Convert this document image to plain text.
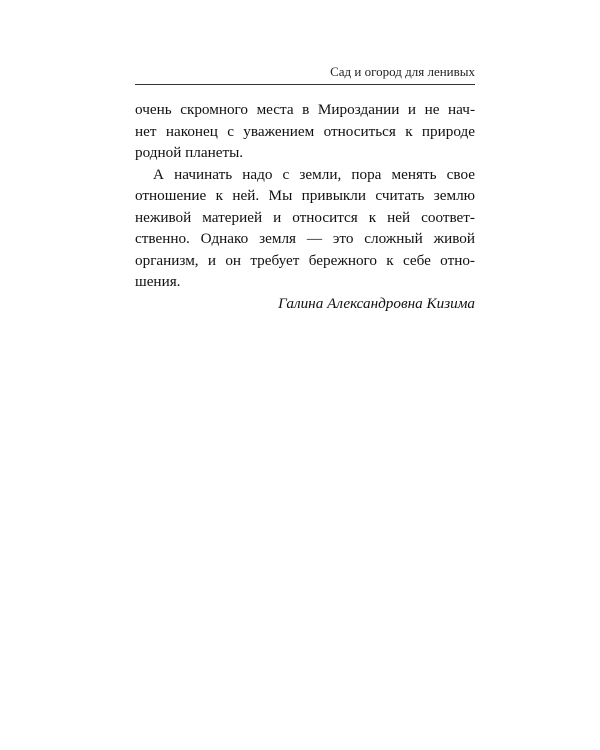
Сад и огород для ленивых
очень скромного места в Мироздании и не нач-
нет наконец с уважением относиться к природе
родной планеты.
А начинать надо с земли, пора менять свое
отношение к ней. Мы привыкли считать землю
неживой материей и относится к ней соответ-
ственно. Однако земля — это сложный живой
организм, и он требует бережного к себе отно-
шения.
Галина Александровна Кизима
